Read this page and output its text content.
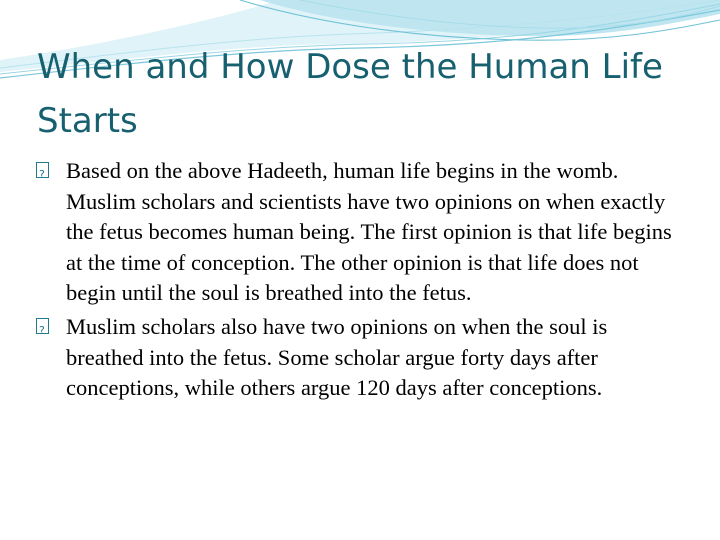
When and How Dose the Human Life Starts

?
Based on the above Hadeeth, human life begins in the womb. Muslim scholars and scientists have two opinions on when exactly the fetus becomes human being. The first opinion is that life begins at the time of conception. The other opinion is that life does not begin until the soul is breathed into the fetus.

?
Muslim scholars also have two opinions on when the soul is breathed into the fetus. Some scholar argue forty days after conceptions, while others argue 120 days after conceptions.
